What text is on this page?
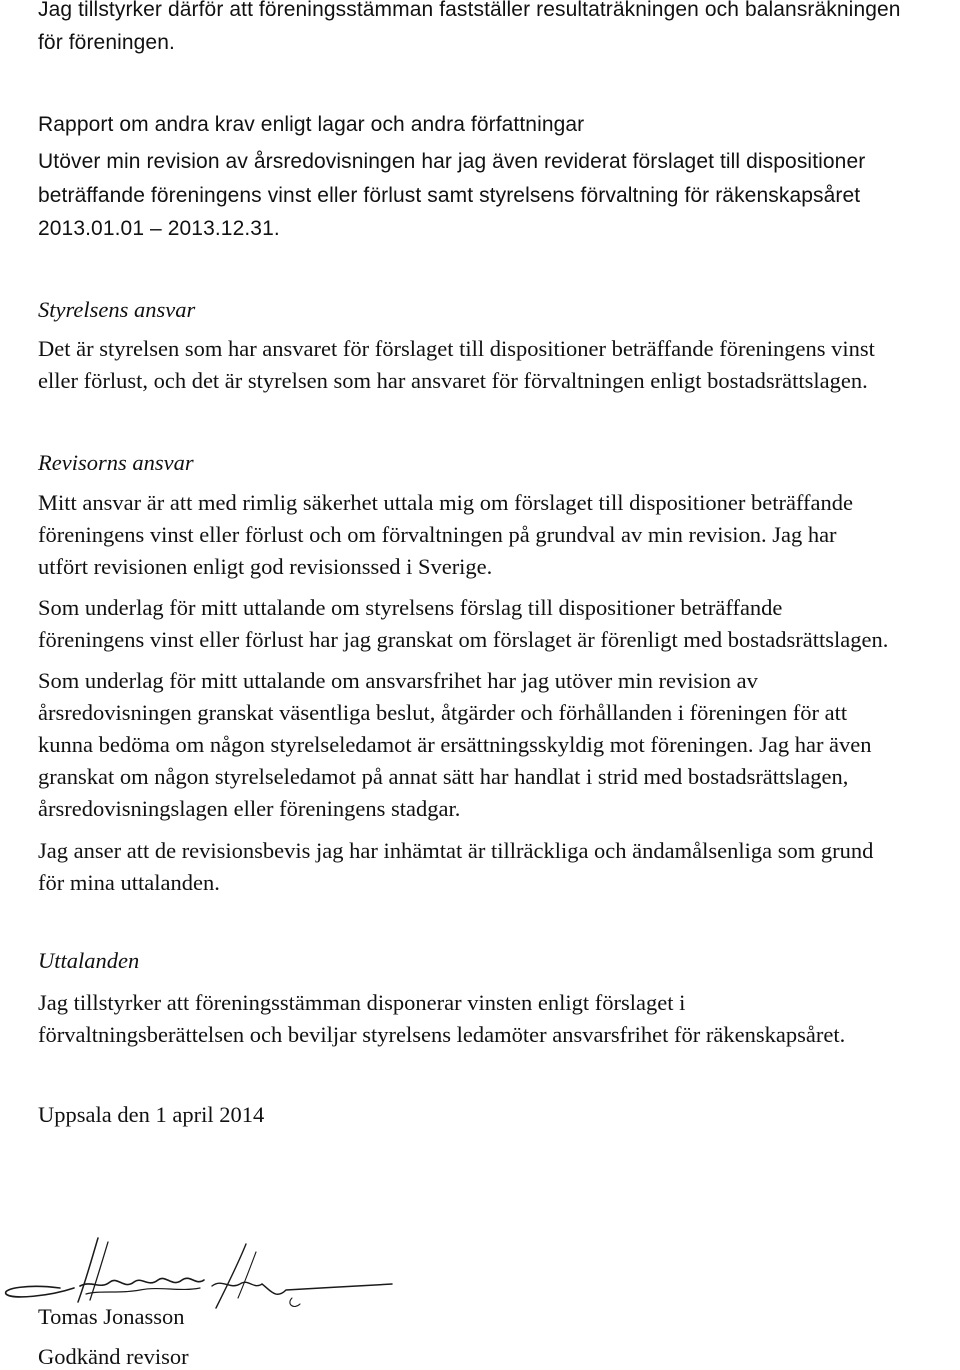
Jag tillstyrker därför att föreningsstämman fastställer resultaträkningen och balansräkningen

för föreningen.

Rapport om andra krav enligt lagar och andra författningar

Utöver min revision av årsredovisningen har jag även reviderat förslaget till dispositioner

beträffande föreningens vinst eller förlust samt styrelsens förvaltning för räkenskapsåret

2013.01.01 – 2013.12.31.

Styrelsens ansvar

Det är styrelsen som har ansvaret för förslaget till dispositioner beträffande föreningens vinst

eller förlust, och det är styrelsen som har ansvaret för förvaltningen enligt bostadsrättslagen.

Revisorns ansvar

Mitt ansvar är att med rimlig säkerhet uttala mig om förslaget till dispositioner beträffande

föreningens vinst eller förlust och om förvaltningen på grundval av min revision. Jag har

utfört revisionen enligt god revisionssed i Sverige.

Som underlag för mitt uttalande om styrelsens förslag till dispositioner beträffande

föreningens vinst eller förlust har jag granskat om förslaget är förenligt med bostadsrättslagen.

Som underlag för mitt uttalande om ansvarsfrihet har jag utöver min revision av

årsredovisningen granskat väsentliga beslut, åtgärder och förhållanden i föreningen för att

kunna bedöma om någon styrelseledamot är ersättningsskyldig mot föreningen. Jag har även

granskat om någon styrelseledamot på annat sätt har handlat i strid med bostadsrättslagen,

årsredovisningslagen eller föreningens stadgar.

Jag anser att de revisionsbevis jag har inhämtat är tillräckliga och ändamålsenliga som grund

för mina uttalanden.

Uttalanden

Jag tillstyrker att föreningsstämman disponerar vinsten enligt förslaget i

förvaltningsberättelsen och beviljar styrelsens ledamöter ansvarsfrihet för räkenskapsåret.

Uppsala den 1 april 2014

Tomas Jonasson

Godkänd revisor
